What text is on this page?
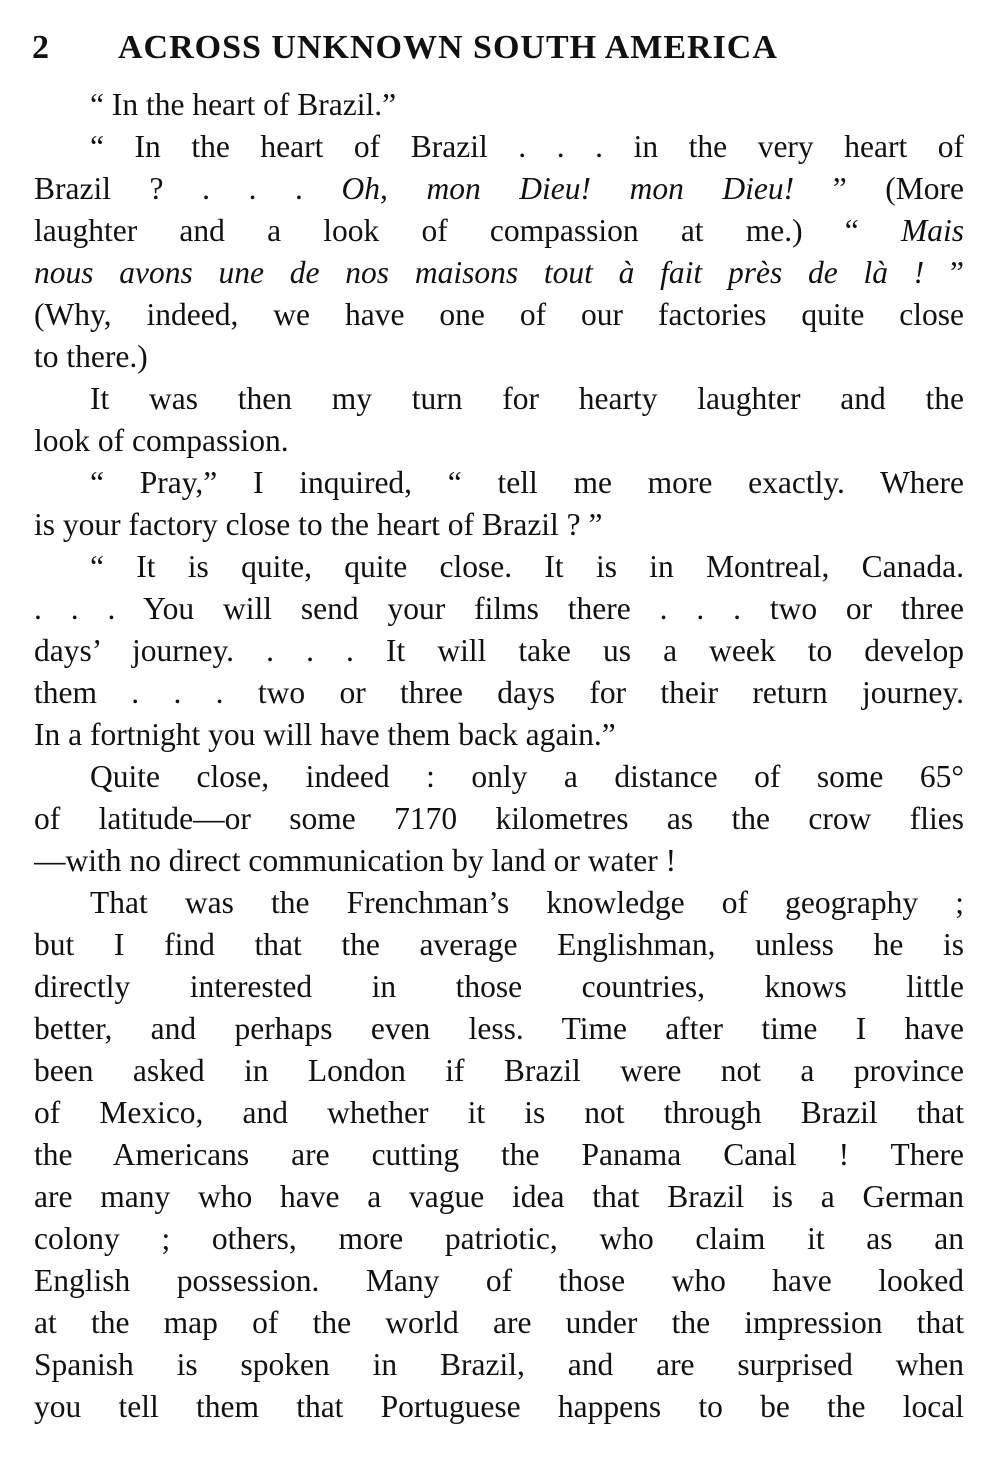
2 ACROSS UNKNOWN SOUTH AMERICA
“ In the heart of Brazil.”
“ In the heart of Brazil . . . in the very heart of
Brazil ? . . . Oh, mon Dieu! mon Dieu! ” (More
laughter and a look of compassion at me.) “ Mais
nous avons une de nos maisons tout à fait près de là ! ”
(Why, indeed, we have one of our factories quite close
to there.)
It was then my turn for hearty laughter and the
look of compassion.
“ Pray,” I inquired, “ tell me more exactly. Where
is your factory close to the heart of Brazil ? ”
“ It is quite, quite close. It is in Montreal, Canada.
. . . You will send your films there . . . two or three
days’ journey. . . . It will take us a week to develop
them . . . two or three days for their return journey.
In a fortnight you will have them back again.”
Quite close, indeed : only a distance of some 65°
of latitude—or some 7170 kilometres as the crow flies
—with no direct communication by land or water !
That was the Frenchman’s knowledge of geography ;
but I find that the average Englishman, unless he is
directly interested in those countries, knows little
better, and perhaps even less. Time after time I have
been asked in London if Brazil were not a province
of Mexico, and whether it is not through Brazil that
the Americans are cutting the Panama Canal ! There
are many who have a vague idea that Brazil is a German
colony ; others, more patriotic, who claim it as an
English possession. Many of those who have looked
at the map of the world are under the impression that
Spanish is spoken in Brazil, and are surprised when
you tell them that Portuguese happens to be the local
